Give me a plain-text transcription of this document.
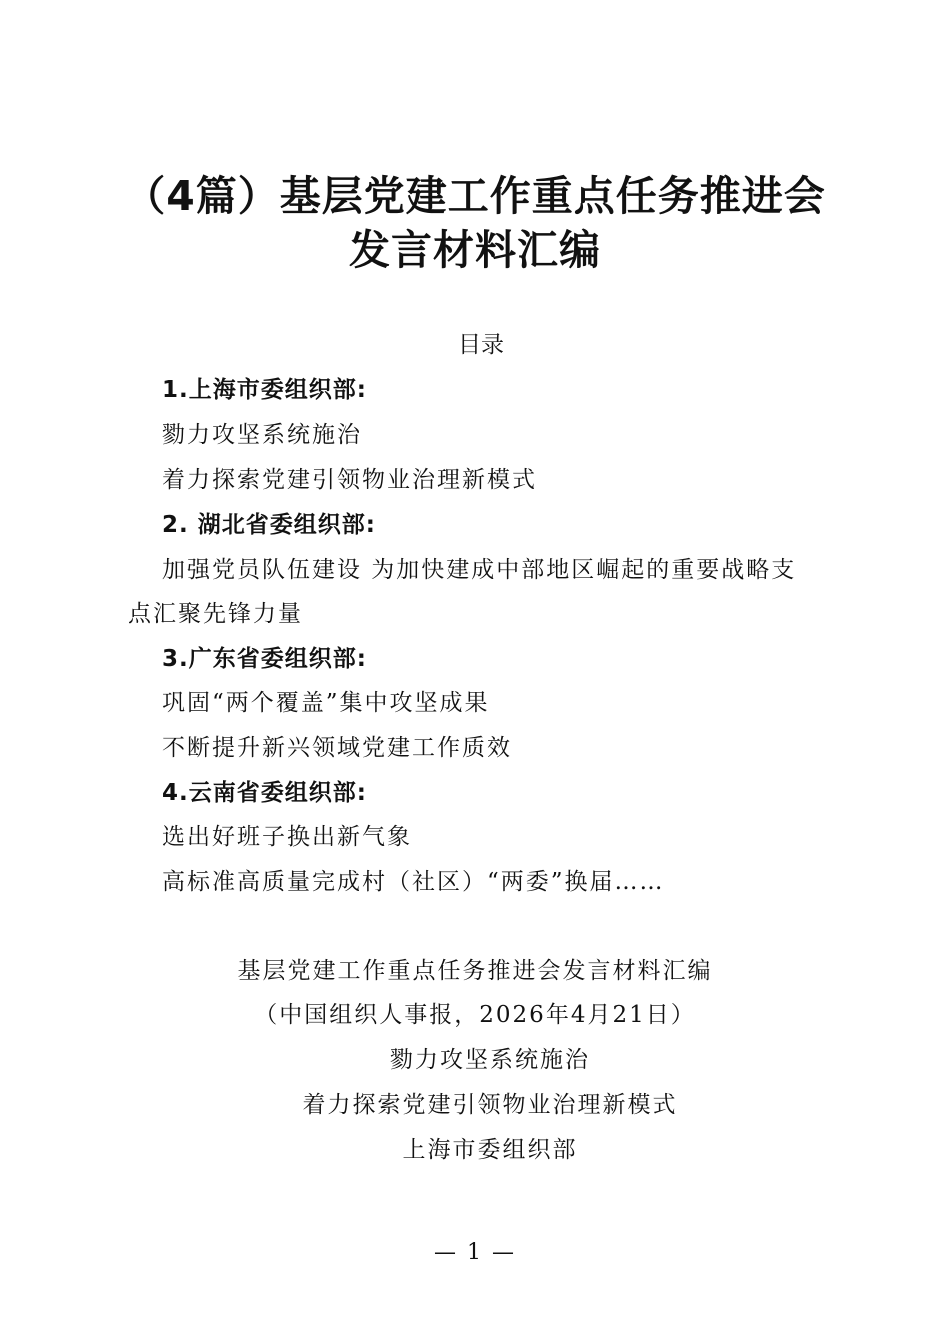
（4篇）基层党建工作重点任务推进会
发言材料汇编
目录
1.上海市委组织部:
勠力攻坚系统施治
着力探索党建引领物业治理新模式
2. 湖北省委组织部:
加强党员队伍建设 为加快建成中部地区崛起的重要战略支
点汇聚先锋力量
3.广东省委组织部:
巩固“两个覆盖”集中攻坚成果
不断提升新兴领域党建工作质效
4.云南省委组织部:
选出好班子换出新气象
高标准高质量完成村（社区）“两委”换届……
基层党建工作重点任务推进会发言材料汇编
（中国组织人事报，2026年4月21日）
勠力攻坚系统施治
着力探索党建引领物业治理新模式
上海市委组织部
— 1 —
